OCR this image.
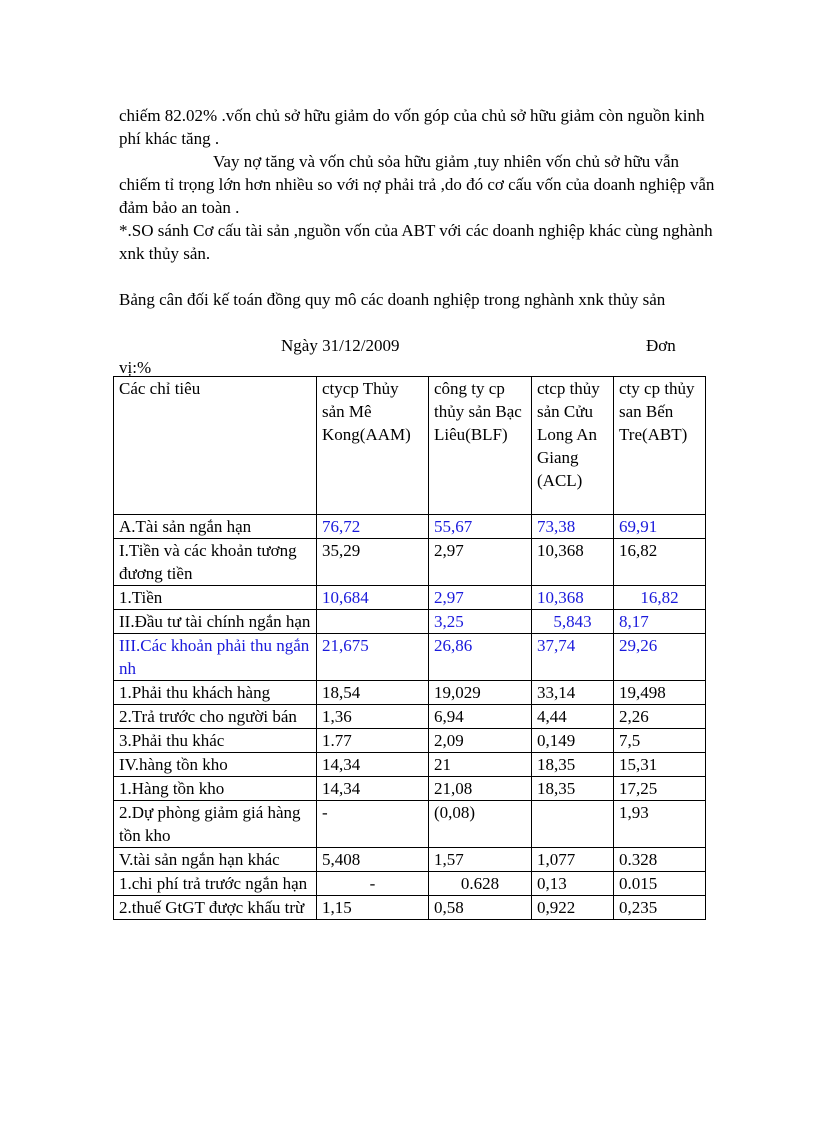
chiếm 82.02% .vốn chủ sở hữu giảm do vốn góp của chủ sở hữu giảm còn nguồn kinh phí khác tăng .

Vay nợ tăng và vốn chủ sỏa hữu giảm ,tuy nhiên vốn chủ sở hữu vẫn chiếm tỉ trọng lớn hơn nhiều so với nợ phải trả ,do đó cơ cấu vốn của doanh nghiệp vẫn đảm bảo an toàn .

*.SO sánh Cơ cấu tài sản ,nguồn vốn của ABT với các doanh nghiệp khác cùng nghành xnk thủy sản.

Bảng cân đối kế toán đồng quy mô các doanh nghiệp trong nghành xnk thủy sản

Ngày 31/12/2009	Đơn
vị:%
Các chỉ tiêu	ctycp Thủy sản Mê Kong(AAM)	công ty cp thủy sản Bạc Liêu(BLF)	ctcp thủy sản Cửu Long An Giang (ACL)	cty cp thủy san Bến Tre(ABT)
A.Tài sản ngắn hạn	76,72	55,67	73,38	69,91
I.Tiền và các khoản tương đương tiền	35,29	2,97	10,368	16,82
1.Tiền	10,684	2,97	10,368	16,82
II.Đầu tư tài chính ngắn hạn		3,25	5,843	8,17
III.Các khoản phải thu ngắn nh	21,675	26,86	37,74	29,26
1.Phải thu khách hàng	18,54	19,029	33,14	19,498
2.Trả trước cho người bán	1,36	6,94	4,44	2,26
3.Phải thu khác	1.77	2,09	0,149	7,5
IV.hàng tồn kho	14,34	21	18,35	15,31
1.Hàng tồn kho	14,34	21,08	18,35	17,25
2.Dự phòng giảm giá hàng tồn kho	-	(0,08)		1,93
V.tài sản ngắn hạn khác	5,408	1,57	1,077	0.328
1.chi phí trả trước ngắn hạn	-	0.628	0,13	0.015
2.thuế GtGT được khấu trừ	1,15	0,58	0,922	0,235
